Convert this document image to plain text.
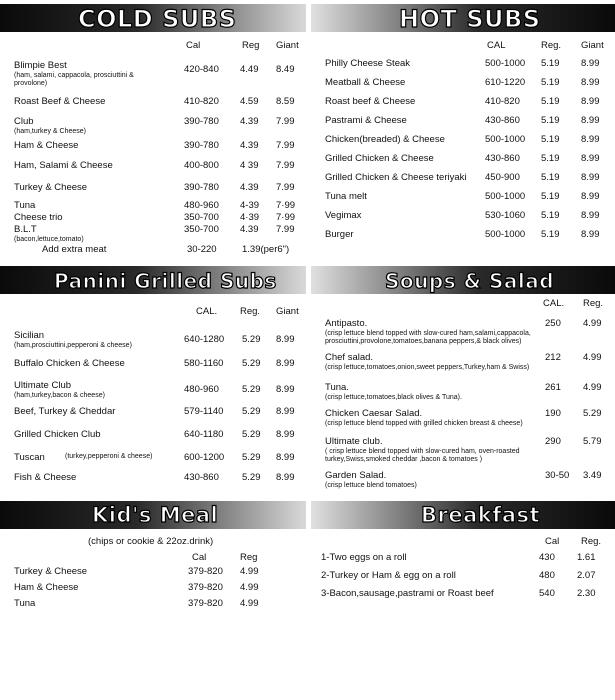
COLD SUBS
Cal	Reg Giant
Blimpie Best
(ham, salami, cappacola, prosciuttini & provolone)
420-840 4.49 8.49
Roast Beef & Cheese	410-820 4.59 8.59
Club
(ham,turkey & Cheese)
390-780 4.39 7.99
Ham & Cheese	390-780 4.39 7.99
Ham, Salami & Cheese	400-800 4 39 7.99
Turkey & Cheese	390-780 4.39 7.99
Tuna	480-960 4-39 7·99
Cheese trio	350-700 4·39 7·99
B.L.T
(bacon,lettuce,tomato)
350-700 4.39 7.99
Add extra meat	30-220	1.39(per6")
HOT SUBS
CAL	Reg. Giant
Philly Cheese Steak	500-1000 5.19 8.99
Meatball & Cheese	610-1220 5.19 8.99
Roast beef & Cheese	410-820 5.19 8.99
Pastrami & Cheese	430-860 5.19 8.99
Chicken(breaded) & Cheese	500-1000 5.19 8.99
Grilled Chicken & Cheese	430-860 5.19 8.99
Grilled Chicken & Cheese teriyaki 450-900 5.19 8.99
Tuna melt	500-1000 5.19 8.99
Vegimax	530-1060 5.19 8.99
Burger	500-1000 5.19 8.99
Panini Grilled Subs
CAL. Reg. Giant
Sicilian
(ham,prosciuttini,pepperoni & cheese)
640-1280 5.29 8.99
Buffalo Chicken & Cheese	580-1160 5.29 8.99
Ultimate Club
(ham,turkey,bacon & cheese)
480-960 5.29 8.99
Beef, Turkey & Cheddar	579-1140 5.29 8.99
Grilled Chicken Club	640-1180 5.29 8.99
Tuscan	(turkey,pepperoni & cheese)	600-1200 5.29 8.99
Fish & Cheese	430-860 5.29 8.99
Soups & Salad
CAL. Reg.
Antipasto.
(crisp lettuce blend topped with slow-cured ham,salami,cappacola, prosciuttini,provolone,tomatoes,banana peppers,& black olives)
250 4.99
Chef salad.
(crisp lettuce,tomatoes,onion,sweet peppers,Turkey,ham & Swiss)
212 4.99
Tuna.
(crisp lettuce,tomatoes,black olives & Tuna).
261 4.99
Chicken Caesar Salad.
(crisp lettuce blend topped with grilled chicken breast & cheese)
190 5.29
Ultimate club.
( crisp lettuce blend topped with slow-cured ham, oven-roasted turkey,Swiss,smoked cheddar ,bacon & tomatoes )
290 5.79
Garden Salad.
(crisp lettuce blend tomatoes)
30-50 3.49
Kid's Meal
(chips or cookie & 22oz.drink)
Cal	Reg
Turkey & Cheese	379-820 4.99
Ham & Cheese	379-820 4.99
Tuna	379-820 4.99
Breakfast
Cal Reg.
1-Two eggs on a roll	430 1.61
2-Turkey or Ham & egg on a roll	480 2.07
3-Bacon,sausage,pastrami or Roast beef	540 2.30
